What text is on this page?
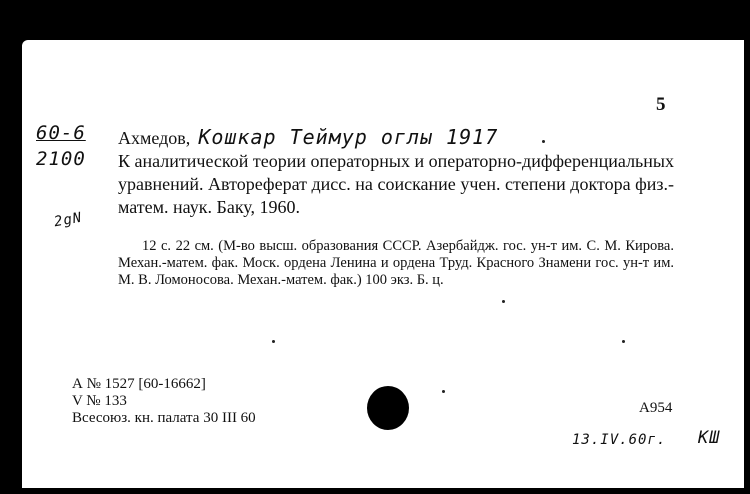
5
60-6
2100
2gN
Ахмедов, Кошкар Теймур оглы 1917

К аналитической теории операторных и операторно-дифференциальных уравнений. Автореферат дисс. на соискание учен. степени доктора физ.-матем. наук. Баку, 1960.

12 с. 22 см. (М-во высш. образования СССР. Азербайдж. гос. ун-т им. С. М. Кирова. Механ.-матем. фак. Моск. ордена Ленина и ордена Труд. Красного Знамени гос. ун-т им. М. В. Ломоносова. Механ.-матем. фак.) 100 экз. Б. ц.

А № 1527 [60-16662]
V № 133
Всесоюз. кн. палата 30 III 60
А954
13.IV.60г. КШ
